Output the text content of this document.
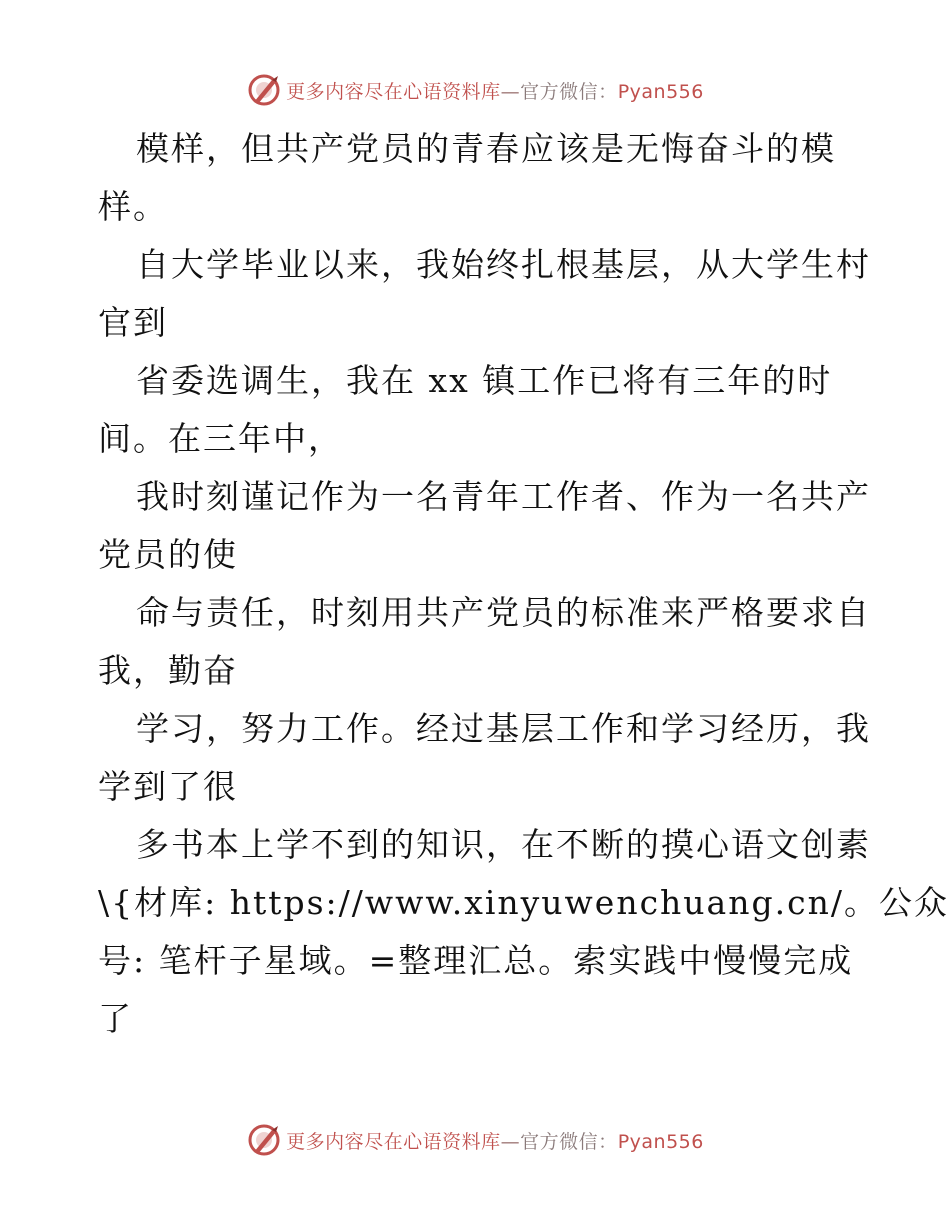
更多内容尽在心语资料库—官方微信：Pyan556
模样，但共产党员的青春应该是无悔奋斗的模
样。
自大学毕业以来，我始终扎根基层，从大学生村
官到
省委选调生，我在 xx 镇工作已将有三年的时
间。在三年中，
我时刻谨记作为一名青年工作者、作为一名共产
党员的使
命与责任，时刻用共产党员的标准来严格要求自
我，勤奋
学习，努力工作。经过基层工作和学习经历，我
学到了很
多书本上学不到的知识，在不断的摸心语文创素
\{材库: https://www.xinyuwenchuang.cn/。公众
号: 笔杆子星域。=整理汇总。索实践中慢慢完成
了
更多内容尽在心语资料库—官方微信：Pyan556
